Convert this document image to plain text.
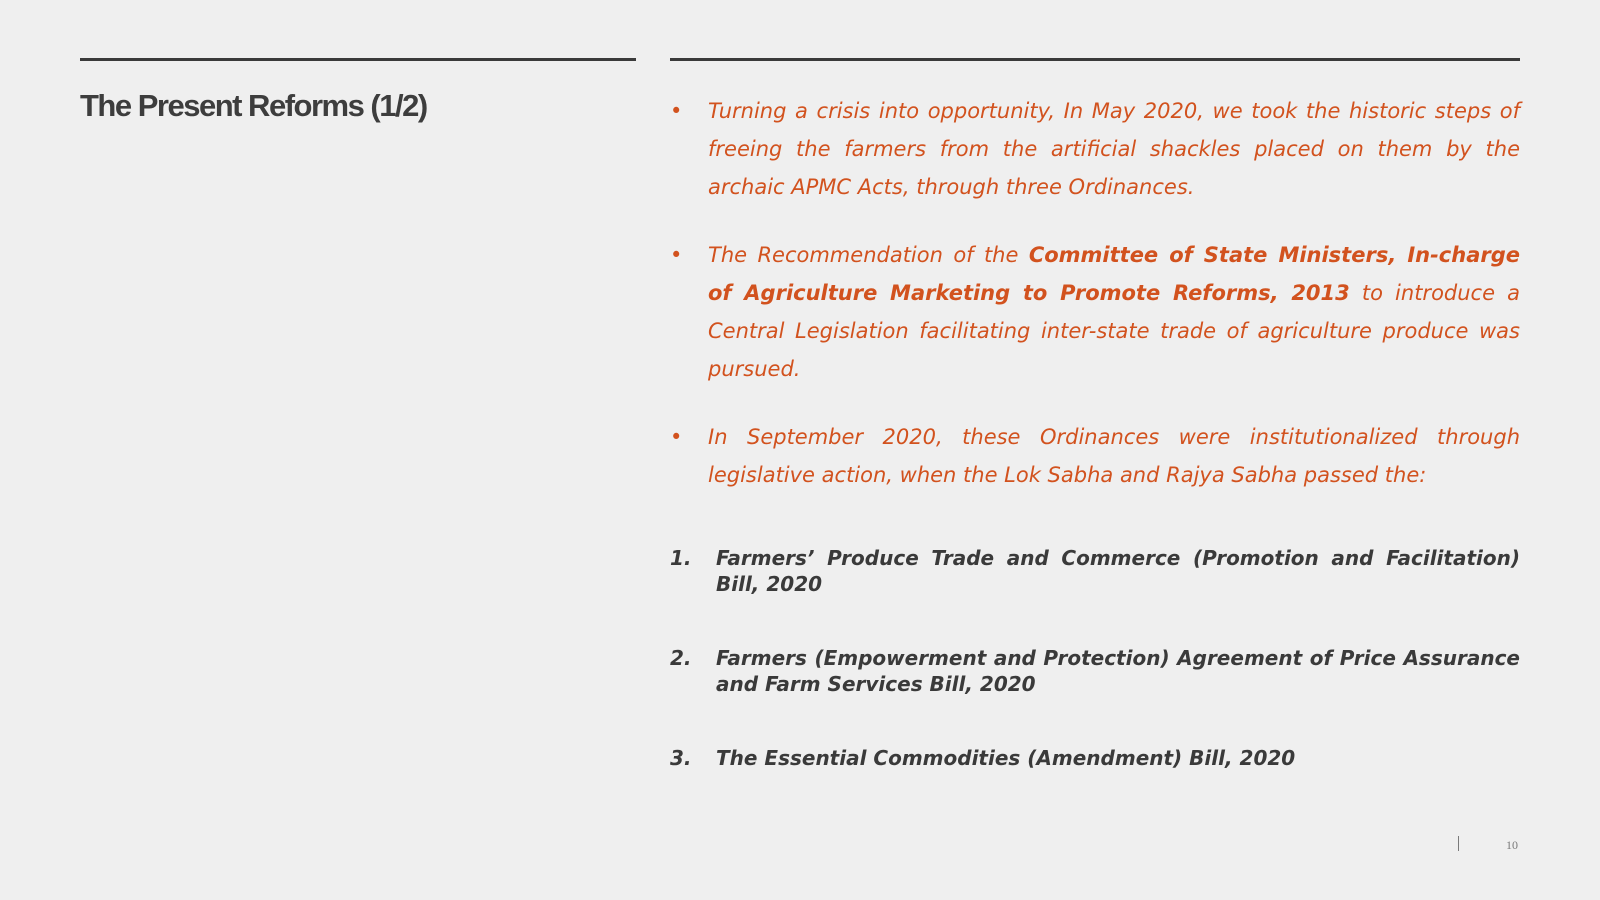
The Present Reforms (1/2)	• Turning a crisis into opportunity, In May 2020, we took the historic steps of freeing the farmers from the artificial shackles placed on them by the archaic APMC Acts, through three Ordinances.
• The Recommendation of the Committee of State Ministers, In-charge of Agriculture Marketing to Promote Reforms, 2013 to introduce a Central Legislation facilitating inter-state trade of agriculture produce was pursued.
• In September 2020, these Ordinances were institutionalized through legislative action, when the Lok Sabha and Rajya Sabha passed the:
1.	Farmers’ Produce Trade and Commerce (Promotion and Facilitation) Bill, 2020
2.	Farmers (Empowerment and Protection) Agreement of Price Assurance and Farm Services Bill, 2020
3.	The Essential Commodities (Amendment) Bill, 2020
10
